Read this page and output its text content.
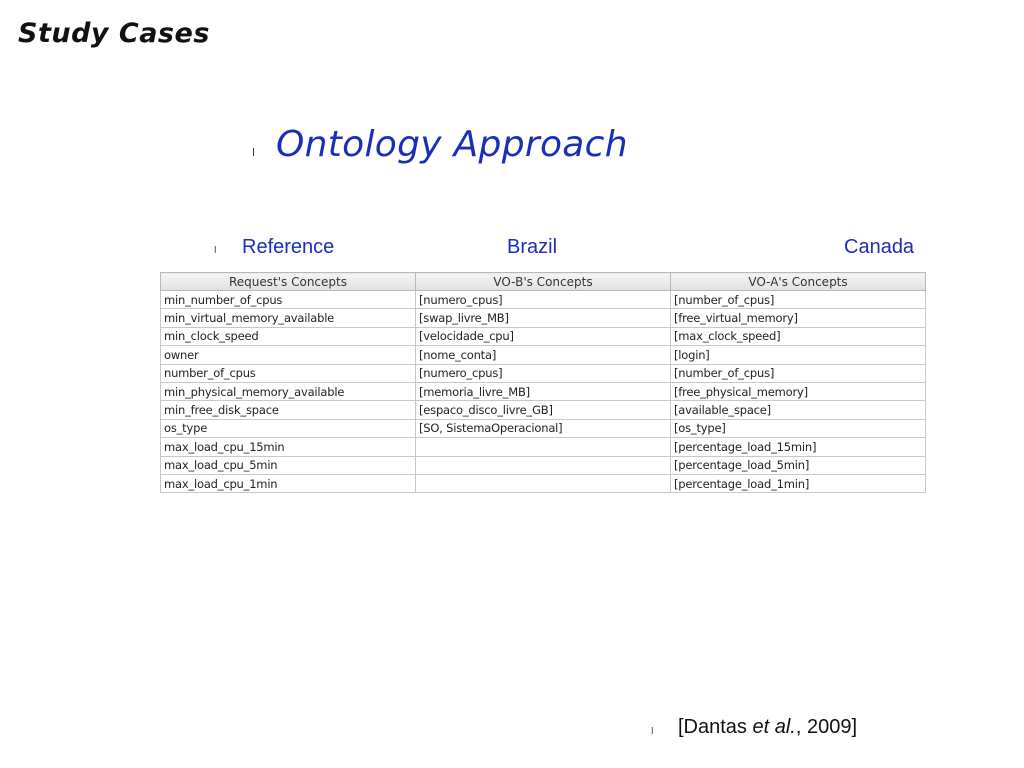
Study Cases
l Ontology Approach
l Reference	Brazil	Canada
Request's Concepts	VO-B's Concepts	VO-A's Concepts
min_number_of_cpus	[numero_cpus]	[number_of_cpus]
min_virtual_memory_available	[swap_livre_MB]	[free_virtual_memory]
min_clock_speed	[velocidade_cpu]	[max_clock_speed]
owner	[nome_conta]	[login]
number_of_cpus	[numero_cpus]	[number_of_cpus]
min_physical_memory_available	[memoria_livre_MB]	[free_physical_memory]
min_free_disk_space	[espaco_disco_livre_GB]	[available_space]
os_type	[SO, SistemaOperacional]	[os_type]
max_load_cpu_15min		[percentage_load_15min]
max_load_cpu_5min		[percentage_load_5min]
max_load_cpu_1min		[percentage_load_1min]
l [Dantas et al., 2009]
